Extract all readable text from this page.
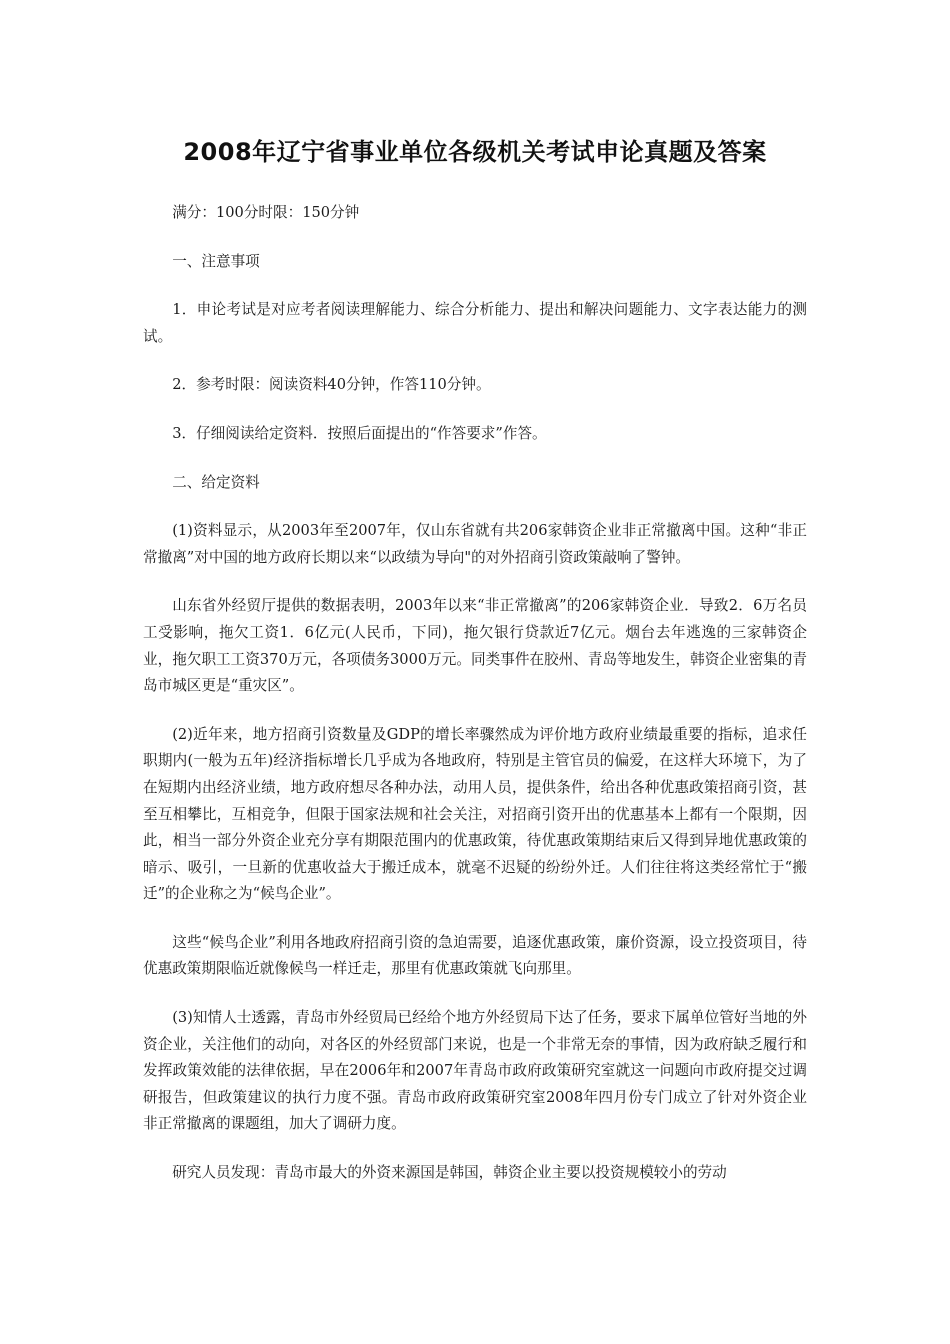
2008年辽宁省事业单位各级机关考试申论真题及答案

满分：100分时限：150分钟

一、注意事项

1．申论考试是对应考者阅读理解能力、综合分析能力、提出和解决问题能力、文字表达能力的测试。

2．参考时限：阅读资料40分钟，作答110分钟。

3．仔细阅读给定资料．按照后面提出的“作答要求”作答。

二、给定资料

(1)资料显示，从2003年至2007年，仅山东省就有共206家韩资企业非正常撤离中国。这种“非正常撤离”对中国的地方政府长期以来“以政绩为导向"的对外招商引资政策敲响了警钟。

山东省外经贸厅提供的数据表明，2003年以来“非正常撤离”的206家韩资企业．导致2．6万名员工受影响，拖欠工资1．6亿元(人民币，下同)，拖欠银行贷款近7亿元。烟台去年逃逸的三家韩资企业，拖欠职工工资370万元，各项债务3000万元。同类事件在胶州、青岛等地发生，韩资企业密集的青岛市城区更是“重灾区”。

(2)近年来，地方招商引资数量及GDP的增长率骤然成为评价地方政府业绩最重要的指标，追求任职期内(一般为五年)经济指标增长几乎成为各地政府，特别是主管官员的偏爱，在这样大环境下，为了在短期内出经济业绩，地方政府想尽各种办法，动用人员，提供条件，给出各种优惠政策招商引资，甚至互相攀比，互相竞争，但限于国家法规和社会关注，对招商引资开出的优惠基本上都有一个限期，因此，相当一部分外资企业充分享有期限范围内的优惠政策，待优惠政策期结束后又得到异地优惠政策的暗示、吸引，一旦新的优惠收益大于搬迁成本，就毫不迟疑的纷纷外迁。人们往往将这类经常忙于“搬迁”的企业称之为“候鸟企业”。

这些“候鸟企业”利用各地政府招商引资的急迫需要，追逐优惠政策，廉价资源，设立投资项目，待优惠政策期限临近就像候鸟一样迁走，那里有优惠政策就飞向那里。

(3)知情人士透露，青岛市外经贸局已经给个地方外经贸局下达了任务，要求下属单位管好当地的外资企业，关注他们的动向，对各区的外经贸部门来说，也是一个非常无奈的事情，因为政府缺乏履行和发挥政策效能的法律依据，早在2006年和2007年青岛市政府政策研究室就这一问题向市政府提交过调研报告，但政策建议的执行力度不强。青岛市政府政策研究室2008年四月份专门成立了针对外资企业非正常撤离的课题组，加大了调研力度。

研究人员发现：青岛市最大的外资来源国是韩国，韩资企业主要以投资规模较小的劳动
